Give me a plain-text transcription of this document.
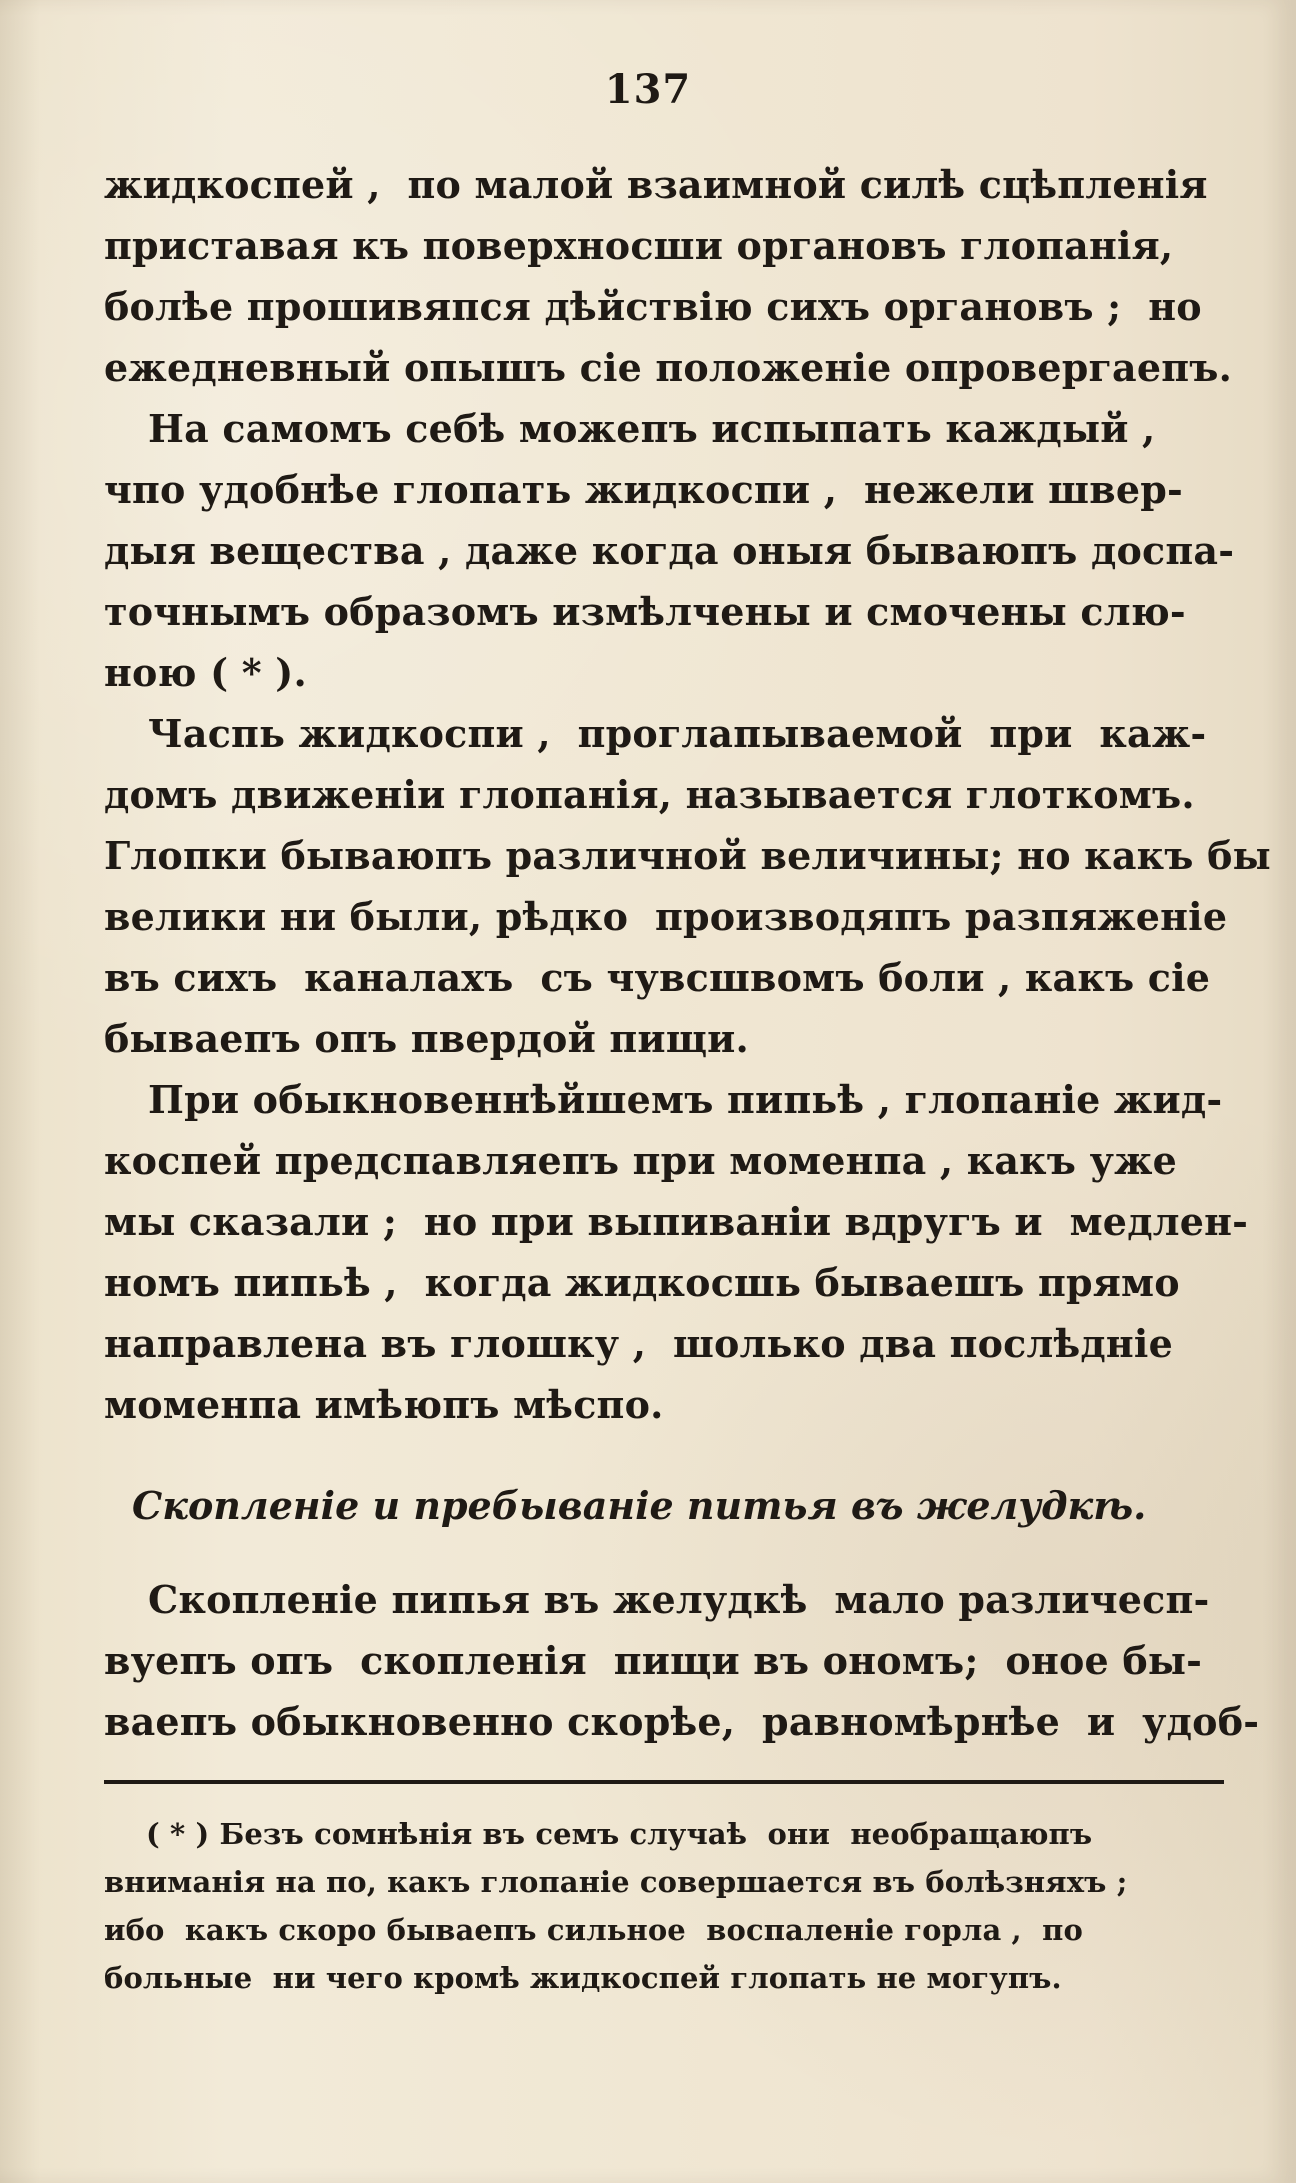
137
жидкоспей ,  по малой взаимной силѣ сцѣпленія
приставая къ поверхносши органовъ глопанія,
болѣе прошивяпся дѣйствію сихъ органовъ ;  но
ежедневный опышъ сіе положеніе опровергаепъ.
На самомъ себѣ можепъ испыпать каждый ,
чпо удобнѣе глопать жидкоспи ,  нежели швер-
дыя вещества , даже когда оныя бываюпъ доспа-
точнымъ образомъ измѣлчены и смочены слю-
ною ( * ).
Часпь жидкоспи ,  проглапываемой  при  каж-
домъ движеніи глопанія, называется глоткомъ.
Глопки бываюпъ различной величины; но какъ бы
велики ни были, рѣдко  производяпъ разпяженіе
въ сихъ  каналахъ  съ чувсшвомъ боли , какъ сіе
бываепъ опъ пвердой пищи.
При обыкновеннѣйшемъ пипьѣ , глопаніе жид-
коспей предспавляепъ при моменпа , какъ уже
мы сказали ;  но при выпиваніи вдругъ и  медлен-
номъ пипьѣ ,  когда жидкосшь бываешъ прямо
направлена въ глошку ,  шолько два послѣдніе
моменпа имѣюпъ мѣспо.
Скопленіе и пребываніе питья въ желудкѣ.
Скопленіе пипья въ желудкѣ  мало различесп-
вуепъ опъ  скопленія  пищи въ ономъ;  оное бы-
ваепъ обыкновенно скорѣе,  равномѣрнѣе  и  удоб-
( * ) Безъ сомнѣнія въ семъ случаѣ  они  необращаюпъ
вниманія на по, какъ глопаніе совершается въ болѣзняхъ ;
ибо  какъ скоро бываепъ сильное  воспаленіе горла ,  по
больные  ни чего кромѣ жидкоспей глопать не могупъ.
